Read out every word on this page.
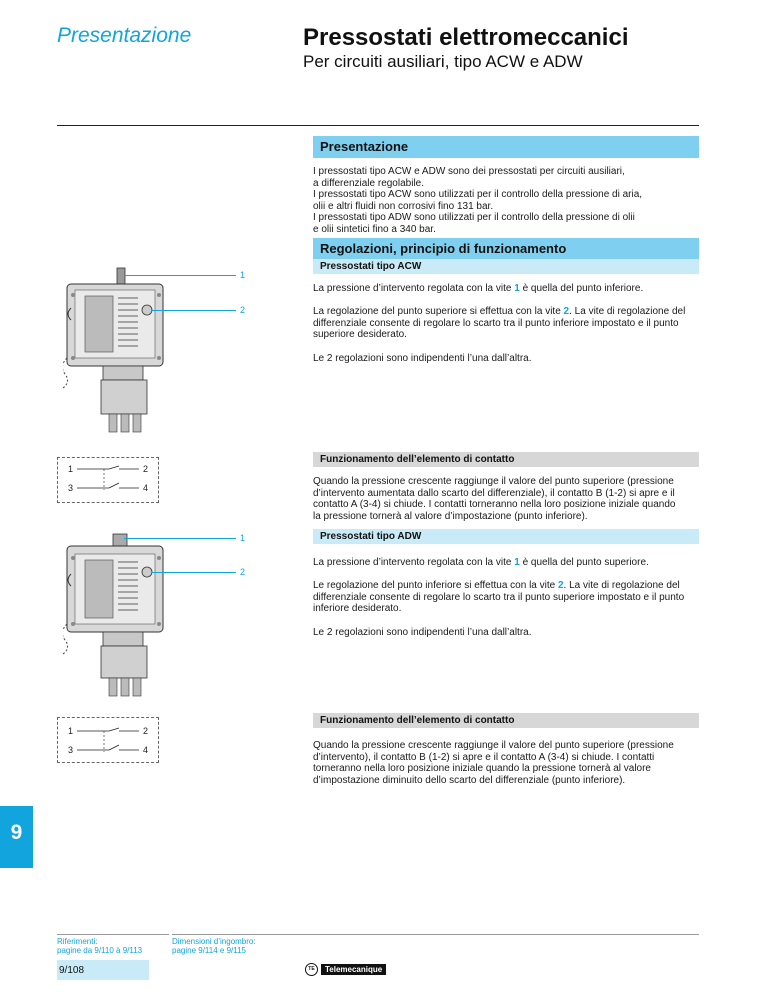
Presentazione	Pressostati elettromeccanici
Per circuiti ausiliari, tipo ACW e ADW
Presentazione
I pressostati tipo ACW e ADW sono dei pressostati per circuiti ausiliari,
a differenziale regolabile.
I pressostati tipo ACW sono utilizzati per il controllo della pressione di aria,
olii e altri fluidi non corrosivi fino 131 bar.
I pressostati tipo ADW sono utilizzati per il controllo della pressione di olii
e olii sintetici fino a 340 bar.
Regolazioni, principio di funzionamento
Pressostati tipo ACW
La pressione d’intervento regolata con la vite 1 è quella del punto inferiore.
La regolazione del punto superiore si effettua con la vite 2. La vite di regolazione del
differenziale consente di regolare lo scarto tra il punto inferiore impostato e il punto
superiore desiderato.
Le 2 regolazioni sono indipendenti l’una dall’altra.
Funzionamento dell’elemento di contatto
Quando la pressione crescente raggiunge il valore del punto superiore (pressione
d’intervento aumentata dallo scarto del differenziale), il contatto B (1-2) si apre e il
contatto A (3-4) si chiude. I contatti torneranno nella loro posizione iniziale quando
la pressione tornerà al valore d’impostazione (punto inferiore).
Pressostati tipo ADW
La pressione d’intervento regolata con la vite 1 è quella del punto superiore.
Le regolazione del punto inferiore si effettua con la vite 2. La vite di regolazione del
differenziale consente di regolare lo scarto tra il punto superiore impostato e il punto
inferiore desiderato.
Le 2 regolazioni sono indipendenti l’una dall’altra.
Funzionamento dell’elemento di contatto
Quando la pressione crescente raggiunge il valore del punto superiore (pressione
d’intervento), il contatto B (1-2) si apre e il contatto A (3-4) si chiude. I contatti
torneranno nella loro posizione iniziale quando la pressione tornerà al valore
d’impostazione diminuito dello scarto del differenziale (punto inferiore).
1
2
1	2
3	4
1
2
1	2
3	4
9
Riferimenti:
pagine da 9/110 à 9/113
Dimensioni d’ingombro:
pagine 9/114 e 9/115
9/108	TE	Telemecanique
